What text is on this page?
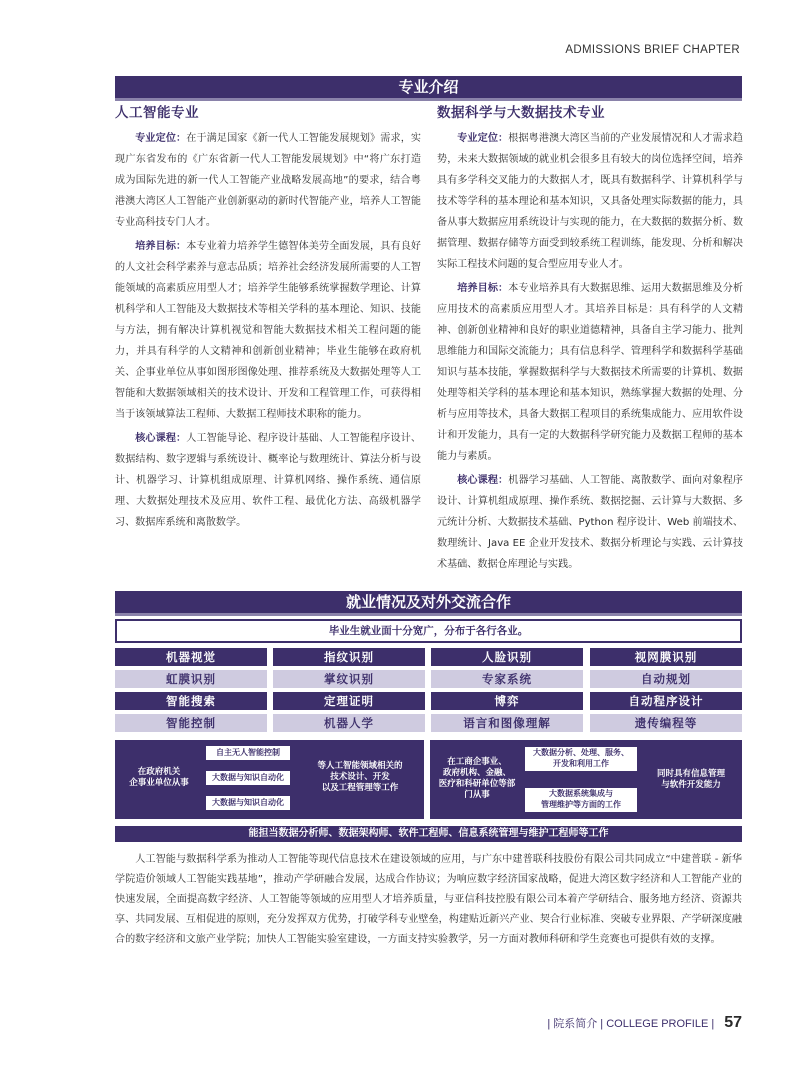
ADMISSIONS BRIEF CHAPTER
专业介绍
人工智能专业

专业定位：在于满足国家《新一代人工智能发展规划》需求，实现广东省发布的《广东省新一代人工智能发展规划》中“将广东打造成为国际先进的新一代人工智能产业战略发展高地”的要求，结合粤港澳大湾区人工智能产业创新驱动的新时代智能产业，培养人工智能专业高科技专门人才。

培养目标：本专业着力培养学生德智体美劳全面发展，具有良好的人文社会科学素养与意志品质；培养社会经济发展所需要的人工智能领域的高素质应用型人才；培养学生能够系统掌握数学理论、计算机科学和人工智能及大数据技术等相关学科的基本理论、知识、技能与方法，拥有解决计算机视觉和智能大数据技术相关工程问题的能力，并具有科学的人文精神和创新创业精神；毕业生能够在政府机关、企事业单位从事如图形图像处理、推荐系统及大数据处理等人工智能和大数据领域相关的技术设计、开发和工程管理工作，可获得相当于该领域算法工程师、大数据工程师技术职称的能力。

核心课程：人工智能导论、程序设计基础、人工智能程序设计、数据结构、数字逻辑与系统设计、概率论与数理统计、算法分析与设计、机器学习、计算机组成原理、计算机网络、操作系统、通信原理、大数据处理技术及应用、软件工程、最优化方法、高级机器学习、数据库系统和离散数学。

数据科学与大数据技术专业

专业定位：根据粤港澳大湾区当前的产业发展情况和人才需求趋势，未来大数据领域的就业机会很多且有较大的岗位选择空间，培养具有多学科交叉能力的大数据人才，既具有数据科学、计算机科学与技术等学科的基本理论和基本知识，又具备处理实际数据的能力，具备从事大数据应用系统设计与实现的能力，在大数据的数据分析、数据管理、数据存储等方面受到较系统工程训练，能发现、分析和解决实际工程技术问题的复合型应用专业人才。

培养目标：本专业培养具有大数据思维、运用大数据思维及分析应用技术的高素质应用型人才。其培养目标是：具有科学的人文精神、创新创业精神和良好的职业道德精神，具备自主学习能力、批判思维能力和国际交流能力；具有信息科学、管理科学和数据科学基础知识与基本技能，掌握数据科学与大数据技术所需要的计算机、数据处理等相关学科的基本理论和基本知识，熟练掌握大数据的处理、分析与应用等技术，具备大数据工程项目的系统集成能力、应用软件设计和开发能力，具有一定的大数据科学研究能力及数据工程师的基本能力与素质。

核心课程：机器学习基础、人工智能、离散数学、面向对象程序设计、计算机组成原理、操作系统、数据挖掘、云计算与大数据、多元统计分析、大数据技术基础、Python 程序设计、Web 前端技术、数理统计、Java EE 企业开发技术、数据分析理论与实践、云计算技术基础、数据仓库理论与实践。

就业情况及对外交流合作
毕业生就业面十分宽广，分布于各行各业。
机器视觉	指纹识别	人脸识别	视网膜识别
虹膜识别	掌纹识别	专家系统	自动规划
智能搜索	定理证明	博弈	自动程序设计
智能控制	机器人学	语言和图像理解	遗传编程等
在政府机关
企事业单位从事
自主无人智能控制
大数据与知识自动化
大数据与知识自动化
等人工智能领域相关的
技术设计、开发
以及工程管理等工作
在工商企事业、
政府机构、金融、
医疗和科研单位等部
门从事
大数据分析、处理、服务、
开发和利用工作
大数据系统集成与
管理维护等方面的工作
同时具有信息管理
与软件开发能力
能担当数据分析师、数据架构师、软件工程师、信息系统管理与维护工程师等工作
人工智能与数据科学系为推动人工智能等现代信息技术在建设领域的应用，与广东中建普联科技股份有限公司共同成立“中建普联 - 新华学院造价领域人工智能实践基地”，推动产学研融合发展，达成合作协议；为响应数字经济国家战略，促进大湾区数字经济和人工智能产业的快速发展，全面提高数字经济、人工智能等领域的应用型人才培养质量，与亚信科技控股有限公司本着产学研结合、服务地方经济、资源共享、共同发展、互相促进的原则，充分发挥双方优势，打破学科专业壁垒，构建贴近新兴产业、契合行业标准、突破专业界限、产学研深度融合的数字经济和文旅产业学院；加快人工智能实验室建设，一方面支持实验教学，另一方面对教师科研和学生竞赛也可提供有效的支撑。
| 院系简介 | COLLEGE PROFILE | 57
